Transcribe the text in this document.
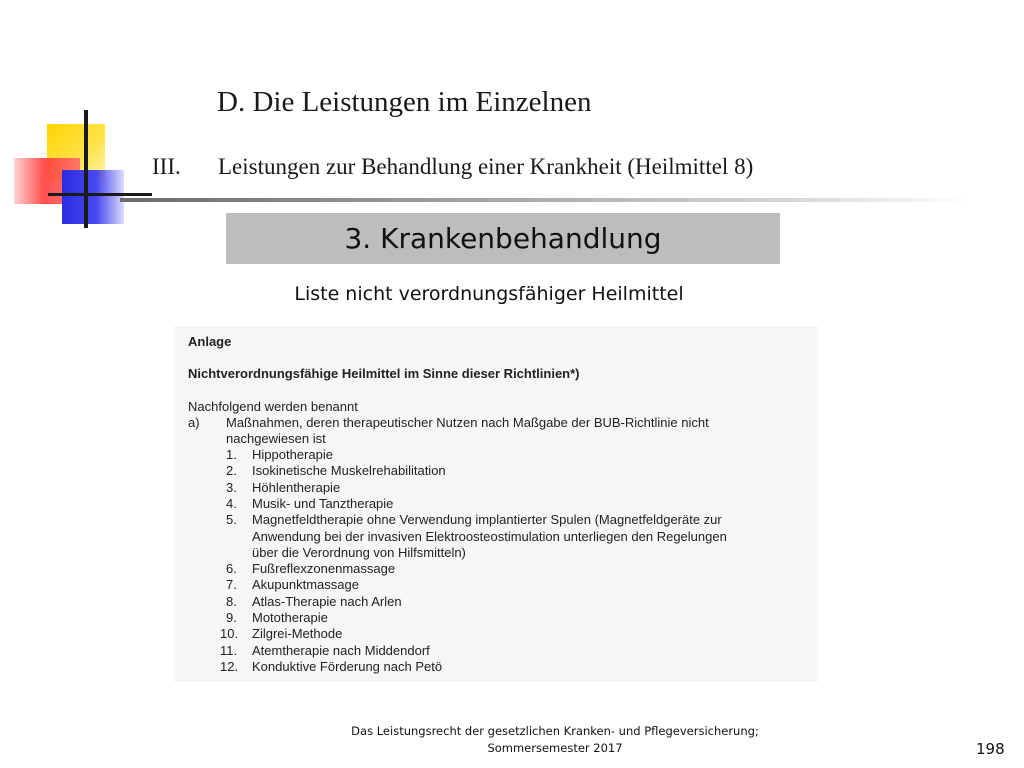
D. Die Leistungen im Einzelnen
III. Leistungen zur Behandlung einer Krankheit (Heilmittel 8)
3. Krankenbehandlung
Liste nicht verordnungsfähiger Heilmittel
Anlage
Nichtverordnungsfähige Heilmittel im Sinne dieser Richtlinien*)
Nachfolgend werden benannt
a) Maßnahmen, deren therapeutischer Nutzen nach Maßgabe der BUB-Richtlinie nicht
nachgewiesen ist
1. Hippotherapie
2. Isokinetische Muskelrehabilitation
3. Höhlentherapie
4. Musik- und Tanztherapie
5. Magnetfeldtherapie ohne Verwendung implantierter Spulen (Magnetfeldgeräte zur
Anwendung bei der invasiven Elektroosteostimulation unterliegen den Regelungen
über die Verordnung von Hilfsmitteln)
6. Fußreflexzonenmassage
7. Akupunktmassage
8. Atlas-Therapie nach Arlen
9. Mototherapie
10. Zilgrei-Methode
11. Atemtherapie nach Middendorf
12. Konduktive Förderung nach Petö
Das Leistungsrecht der gesetzlichen Kranken- und Pflegeversicherung;
Sommersemester 2017	198
